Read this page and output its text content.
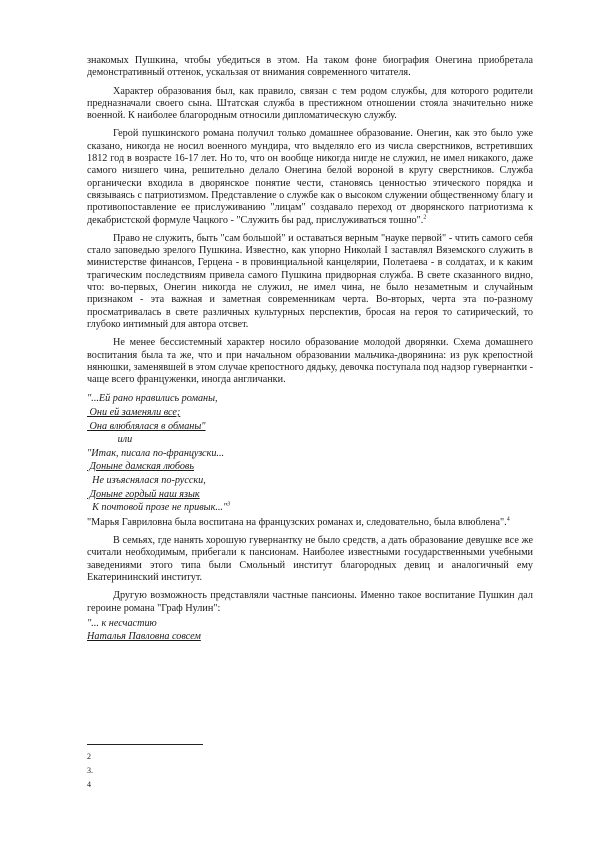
знакомых Пушкина, чтобы убедиться в этом. На таком фоне биография Онегина приобретала демонстративный оттенок, ускальзая от внимания современного читателя.

Характер образования был, как правило, связан с тем родом службы, для которого родители предназначали своего сына. Штатская служба в престижном отношении стояла значительно ниже военной. К наиболее благородным относили дипломатическую службу.

Герой пушкинского романа получил только домашнее образование. Онегин, как это было уже сказано, никогда не носил военного мундира, что выделяло его из числа сверстников, встретивших 1812 год в возрасте 16-17 лет. Но то, что он вообще никогда нигде не служил, не имел никакого, даже самого низшего чина, решительно делало Онегина белой вороной в кругу сверстников. Служба органически входила в дворянское понятие чести, становясь ценностью этического порядка и связываясь с патриотизмом. Представление о службе как о высоком служении общественному благу и противопоставление ее прислуживанию "лицам" создавало переход от дворянского патриотизма к декабристской формуле Чацкого - "Служить бы рад, прислуживаться тошно".$^2$

Право не служить, быть "сам большой" и оставаться верным "науке первой" - чтить самого себя стало заповедью зрелого Пушкина. Известно, как упорно Николай I заставлял Вяземского служить в министерстве финансов, Герцена - в провинциальной канцелярии, Полетаева - в солдатах, и к каким трагическим последствиям привела самого Пушкина придворная служба. В свете сказанного видно, что: во-первых, Онегин никогда не служил, не имел чина, не было незаметным и случайным признаком - эта важная и заметная современникам черта. Во-вторых, черта эта по-разному просматривалась в свете различных культурных перспектив, бросая на героя то сатирический, то глубоко интимный для автора отсвет.

Не менее бессистемный характер носило образование молодой дворянки. Схема домашнего воспитания была та же, что и при начальном образовании мальчика-дворянина: из рук крепостной нянюшки, заменявшей в этом случае крепостного дядьку, девочка поступала под надзор гувернантки - чаще всего француженки, иногда англичанки.

"...Ей рано нравились романы,
Они ей заменяли все;
Она влюблялася в обманы"
или
"Итак, писала по-французски...
Доныне дамская любовь
Не изъяснялася по-русски,
Доныне гордый наш язык
К почтовой прозе не привык..."$^3$

"Марья Гавриловна была воспитана на французских романах и, следовательно, была влюблена".$^4$

В семьях, где нанять хорошую гувернантку не было средств, а дать образование девушке все же считали необходимым, прибегали к пансионам. Наиболее известными государственными учебными заведениями этого типа были Смольный институт благородных девиц и аналогичный ему Екатерининский институт.

Другую возможность представляли частные пансионы. Именно такое воспитание Пушкин дал героине романа "Граф Нулин":

"... к несчастию
Наталья Павловна совсем
2
3.
4
